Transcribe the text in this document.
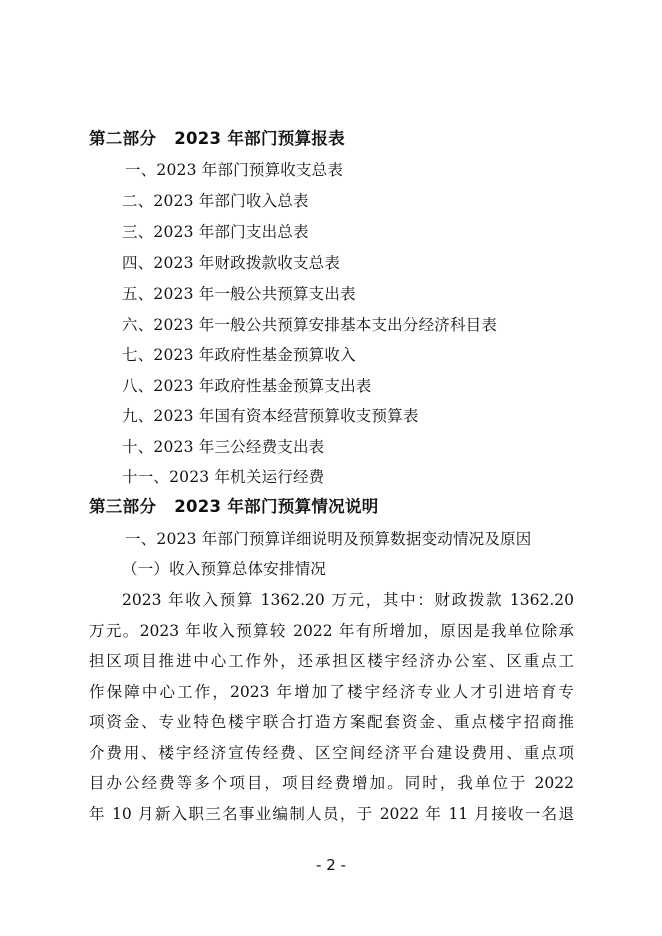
第二部分 2023 年部门预算报表
一、2023 年部门预算收支总表
二、2023 年部门收入总表
三、2023 年部门支出总表
四、2023 年财政拨款收支总表
五、2023 年一般公共预算支出表
六、2023 年一般公共预算安排基本支出分经济科目表
七、2023 年政府性基金预算收入
八、2023 年政府性基金预算支出表
九、2023 年国有资本经营预算收支预算表
十、2023 年三公经费支出表
十一、2023 年机关运行经费
第三部分 2023 年部门预算情况说明
一、2023 年部门预算详细说明及预算数据变动情况及原因
（一）收入预算总体安排情况
2023 年收入预算 1362.20 万元，其中：财政拨款 1362.20
万元。2023 年收入预算较 2022 年有所增加，原因是我单位除承
担区项目推进中心工作外，还承担区楼宇经济办公室、区重点工
作保障中心工作，2023 年增加了楼宇经济专业人才引进培育专
项资金、专业特色楼宇联合打造方案配套资金、重点楼宇招商推
介费用、楼宇经济宣传经费、区空间经济平台建设费用、重点项
目办公经费等多个项目，项目经费增加。同时，我单位于 2022
年 10 月新入职三名事业编制人员，于 2022 年 11 月接收一名退
- 2 -
